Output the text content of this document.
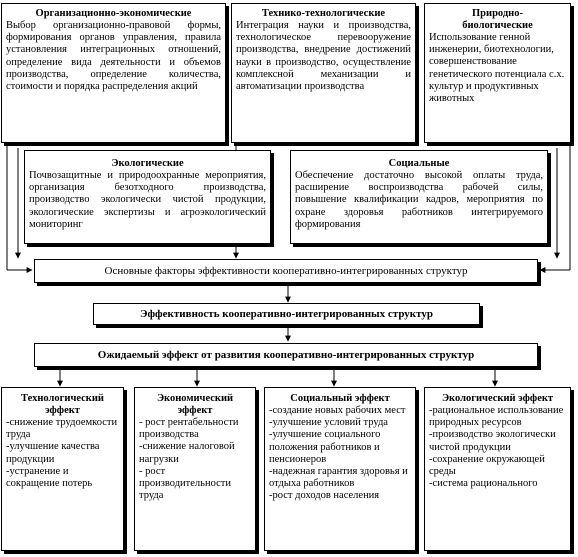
Организационно-экономические
Выбор организационно-правовой формы, формирования органов управления, правила установления интеграционных отношений, определение вида деятельности и объемов производства, определение количества, стоимости и порядка распределения акций
Технико-технологические
Интеграция науки и производства, технологическое перевооружение производства, внедрение достижений науки в производство, осуществление комплексной механизации и автоматизации производства
Природно-биологические
Использование генной инженерии, биотехнологии, совершенствование генетического потенциала с.х. культур и продуктивных животных
Экологические
Почвозащитные и природоохранные мероприятия, организация безотходного производства, производство экологически чистой продукции, экологические экспертизы и агроэкологический мониторинг
Социальные
Обеспечение достаточно высокой оплаты труда, расширение воспроизводства рабочей силы, повышение квалификации кадров, мероприятия по охране здоровья работников интегрируемого формирования
Основные факторы эффективности кооперативно-интегрированных структур
Эффективность кооперативно-интегрированных структур
Ожидаемый эффект от развития кооперативно-интегрированных структур
Технологический эффект
-снижение трудоемкости труда
-улучшение качества продукции
-устранение и сокращение потерь
Экономический эффект
- рост рентабельности производства
-снижение налоговой нагрузки
- рост производительности труда
Социальный эффект
-создание новых рабочих мест
-улучшение условий труда
-улучшение социального положения работников и пенсионеров
-надежная гарантия здоровья и отдыха работников
-рост доходов населения
Экологический эффект
-рациональное использование природных ресурсов
-производство экологически чистой продукции
-сохранение окружающей среды
-система рационального
